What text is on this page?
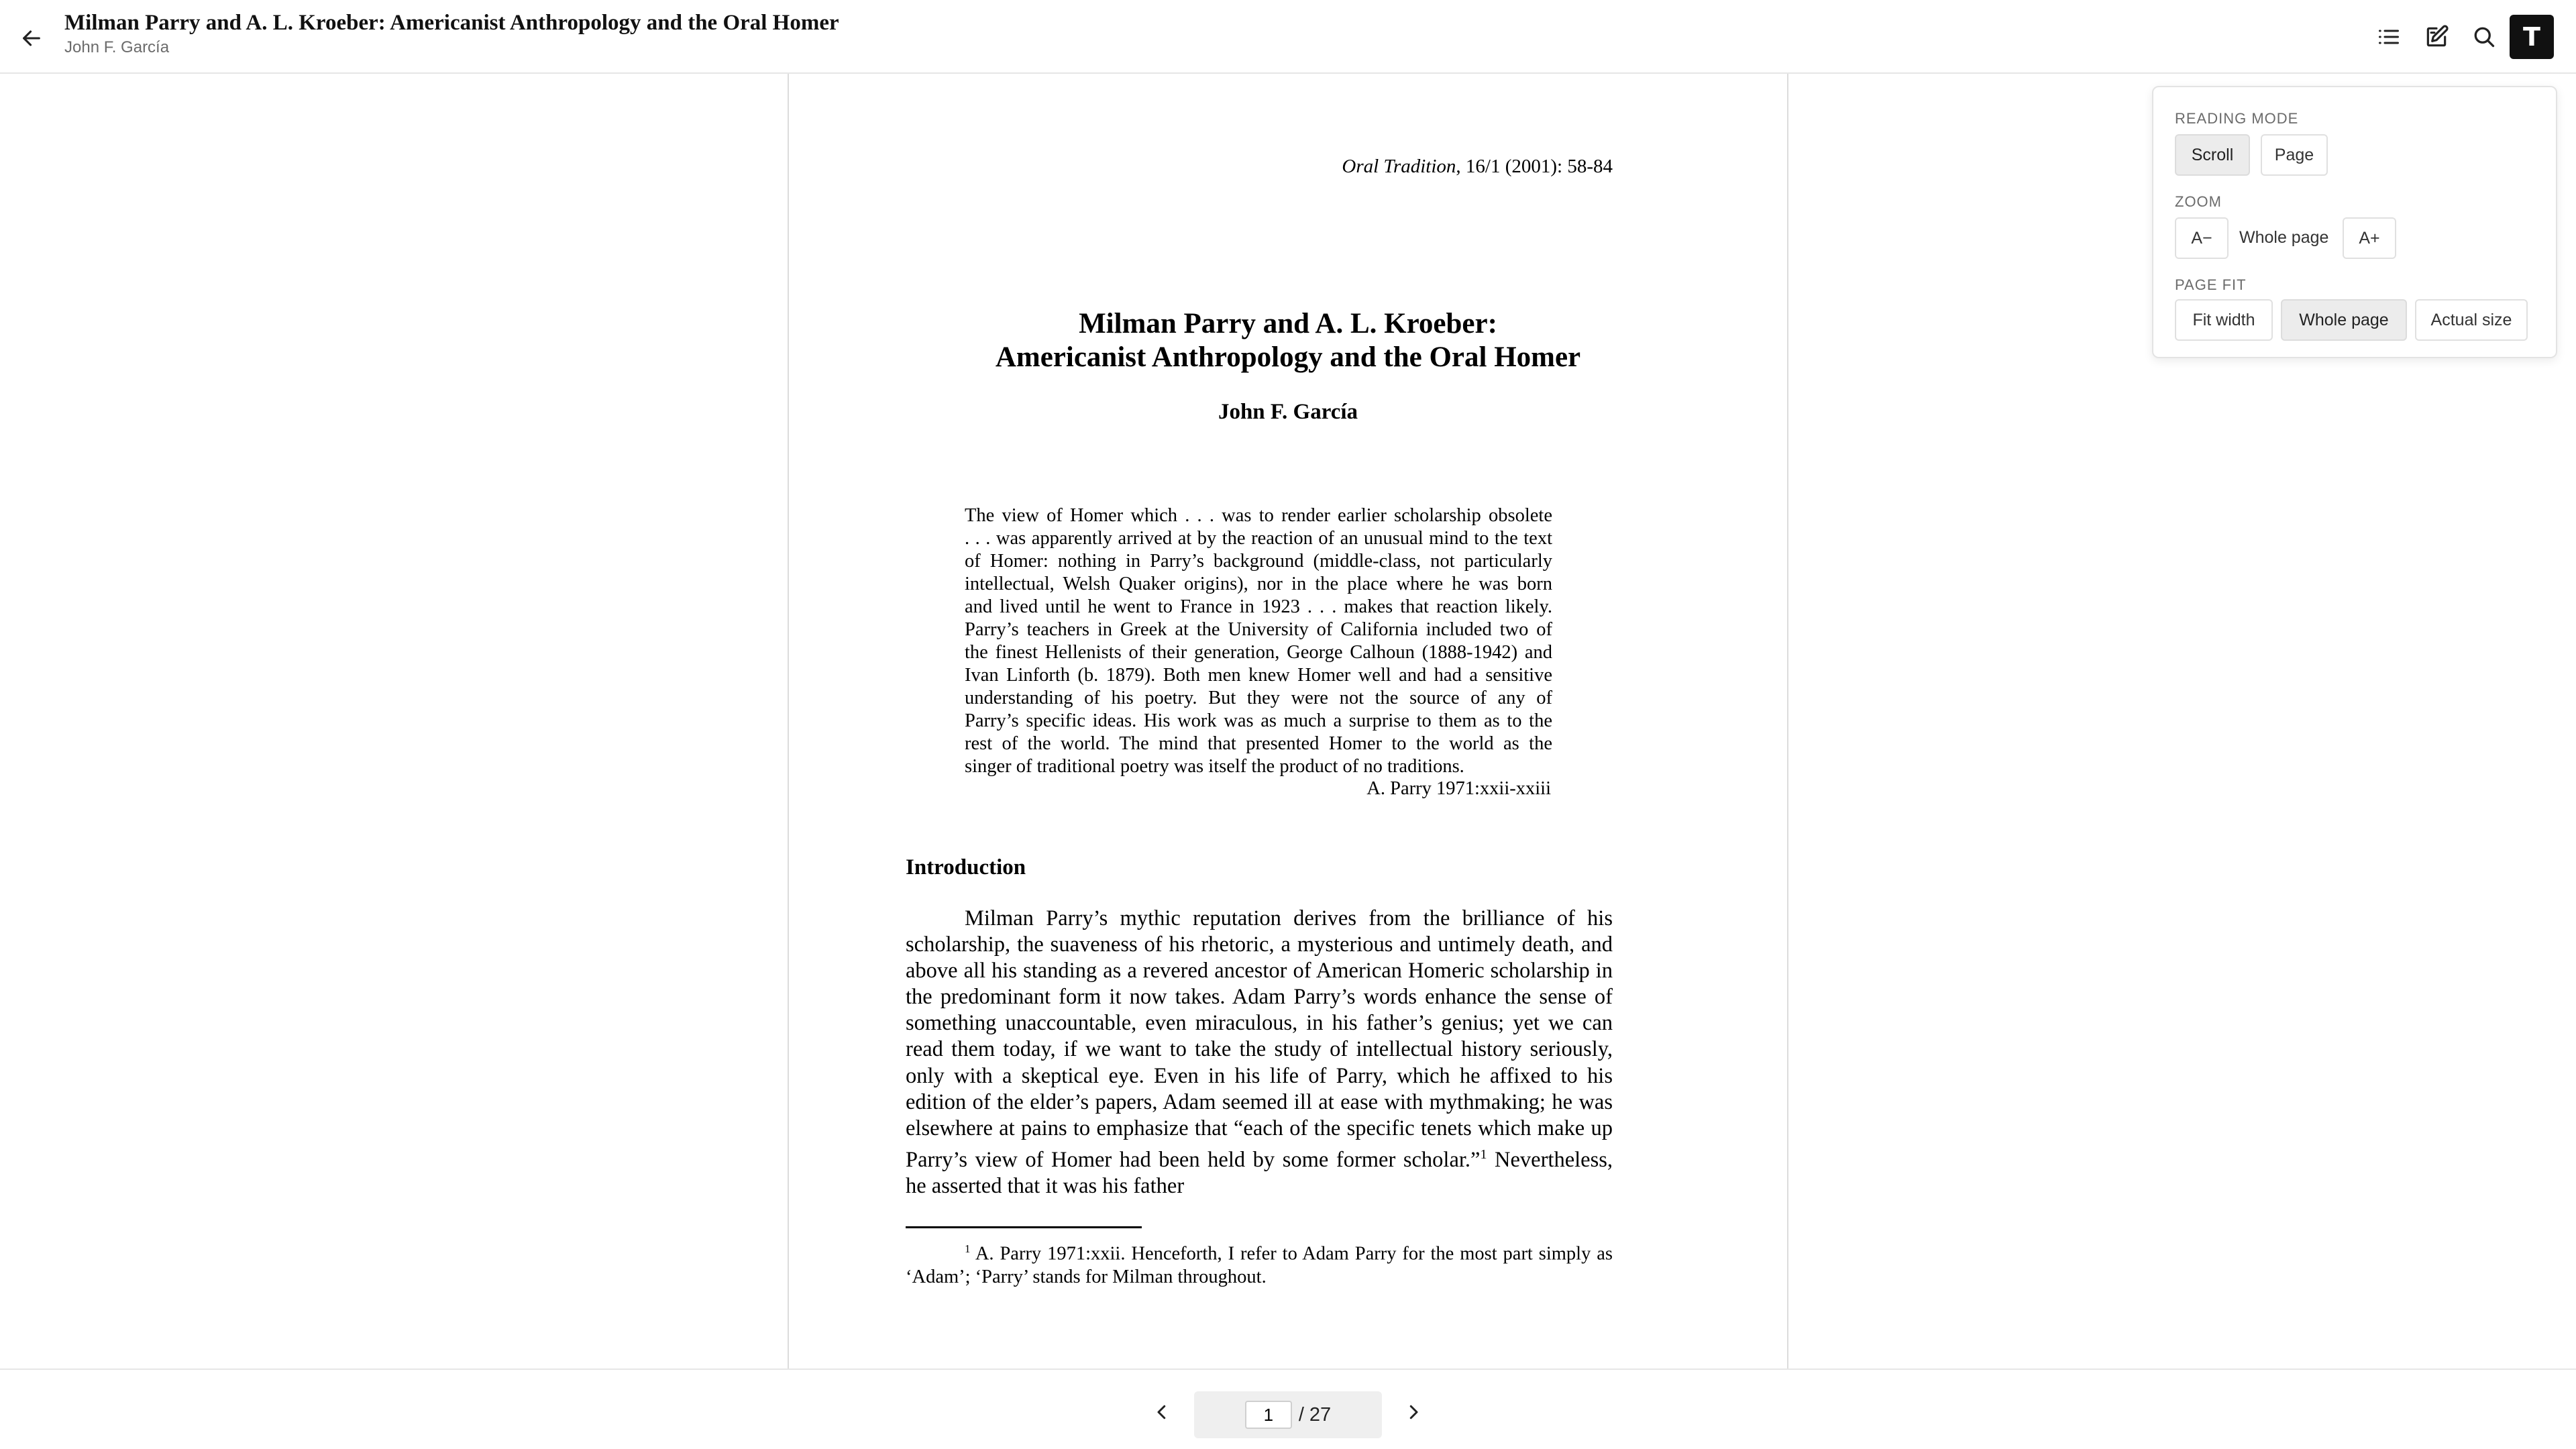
Milman Parry and A. L. Kroeber: Americanist Anthropology and the Oral Homer
John F. García	T
Oral Tradition, 16/1 (2001): 58-84
Milman Parry and A. L. Kroeber:
Americanist Anthropology and the Oral Homer
John F. García
The view of Homer which . . . was to render earlier scholarship obsolete
. . . was apparently arrived at by the reaction of an unusual mind to the text
of Homer: nothing in Parry’s background (middle-class, not particularly
intellectual, Welsh Quaker origins), nor in the place where he was born
and lived until he went to France in 1923 . . . makes that reaction likely.
Parry’s teachers in Greek at the University of California included two of
the finest Hellenists of their generation, George Calhoun (1888-1942) and
Ivan Linforth (b. 1879). Both men knew Homer well and had a sensitive
understanding of his poetry. But they were not the source of any of
Parry’s specific ideas. His work was as much a surprise to them as to the
rest of the world. The mind that presented Homer to the world as the
singer of traditional poetry was itself the product of no traditions.
A. Parry 1971:xxii-xxiii
Introduction
Milman Parry’s mythic reputation derives from the brilliance of his scholarship, the suaveness of his rhetoric, a mysterious and untimely death, and above all his standing as a revered ancestor of American Homeric scholarship in the predominant form it now takes. Adam Parry’s words enhance the sense of something unaccountable, even miraculous, in his father’s genius; yet we can read them today, if we want to take the study of intellectual history seriously, only with a skeptical eye. Even in his life of Parry, which he affixed to his edition of the elder’s papers, Adam seemed ill at ease with mythmaking; he was elsewhere at pains to emphasize that “each of the specific tenets which make up Parry’s view of Homer had been held by some former scholar.”$^1$ Nevertheless, he asserted that it was his father
$^1$ A. Parry 1971:xxii. Henceforth, I refer to Adam Parry for the most part simply as ‘Adam’; ‘Parry’ stands for Milman throughout.
READING MODE
Scroll	Page
ZOOM
A−	Whole page	A+
PAGE FIT
Fit width	Whole page	Actual size
1
/ 27
